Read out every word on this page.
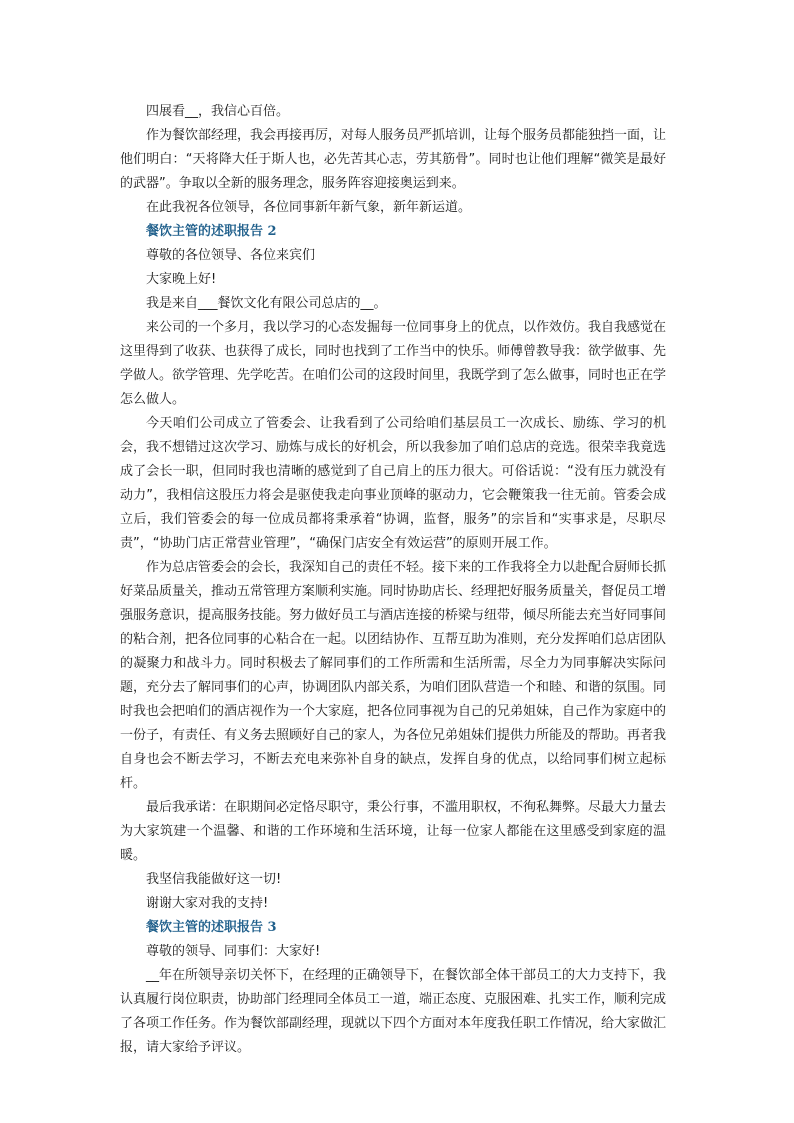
四展看__，我信心百倍。

作为餐饮部经理，我会再接再厉，对每人服务员严抓培训，让每个服务员都能独挡一面，让他们明白：“天将降大任于斯人也，必先苦其心志，劳其筋骨”。同时也让他们理解“微笑是最好的武器”。争取以全新的服务理念，服务阵容迎接奥运到来。

在此我祝各位领导，各位同事新年新气象，新年新运道。

餐饮主管的述职报告 2

尊敬的各位领导、各位来宾们

大家晚上好!

我是来自___餐饮文化有限公司总店的__。

来公司的一个多月，我以学习的心态发掘每一位同事身上的优点，以作效仿。我自我感觉在这里得到了收获、也获得了成长，同时也找到了工作当中的快乐。师傅曾教导我：欲学做事、先学做人。欲学管理、先学吃苦。在咱们公司的这段时间里，我既学到了怎么做事，同时也正在学怎么做人。

今天咱们公司成立了管委会、让我看到了公司给咱们基层员工一次成长、励练、学习的机会，我不想错过这次学习、励炼与成长的好机会，所以我参加了咱们总店的竞选。很荣幸我竟选成了会长一职，但同时我也清晰的感觉到了自己肩上的压力很大。可俗话说：“没有压力就没有动力”，我相信这股压力将会是驱使我走向事业顶峰的驱动力，它会鞭策我一往无前。管委会成立后，我们管委会的每一位成员都将秉承着“协调，监督，服务”的宗旨和“实事求是，尽职尽责”，“协助门店正常营业管理”，“确保门店安全有效运营”的原则开展工作。

作为总店管委会的会长，我深知自己的责任不轻。接下来的工作我将全力以赴配合厨师长抓好菜品质量关，推动五常管理方案顺利实施。同时协助店长、经理把好服务质量关，督促员工增强服务意识，提高服务技能。努力做好员工与酒店连接的桥梁与纽带，倾尽所能去充当好同事间的粘合剂，把各位同事的心粘合在一起。以团结协作、互帮互助为准则，充分发挥咱们总店团队的凝聚力和战斗力。同时积极去了解同事们的工作所需和生活所需，尽全力为同事解决实际问题，充分去了解同事们的心声，协调团队内部关系，为咱们团队营造一个和睦、和谐的氛围。同时我也会把咱们的酒店视作为一个大家庭，把各位同事视为自己的兄弟姐妹，自己作为家庭中的一份子，有责任、有义务去照顾好自己的家人，为各位兄弟姐妹们提供力所能及的帮助。再者我自身也会不断去学习，不断去充电来弥补自身的缺点，发挥自身的优点，以给同事们树立起标杆。

最后我承诺：在职期间必定恪尽职守，秉公行事，不滥用职权，不徇私舞弊。尽最大力量去为大家筑建一个温馨、和谐的工作环境和生活环境，让每一位家人都能在这里感受到家庭的温暖。

我坚信我能做好这一切!

谢谢大家对我的支持!

餐饮主管的述职报告 3

尊敬的领导、同事们：大家好!

__年在所领导亲切关怀下，在经理的正确领导下，在餐饮部全体干部员工的大力支持下，我认真履行岗位职责，协助部门经理同全体员工一道，端正态度、克服困难、扎实工作，顺利完成了各项工作任务。作为餐饮部副经理，现就以下四个方面对本年度我任职工作情况，给大家做汇报，请大家给予评议。
